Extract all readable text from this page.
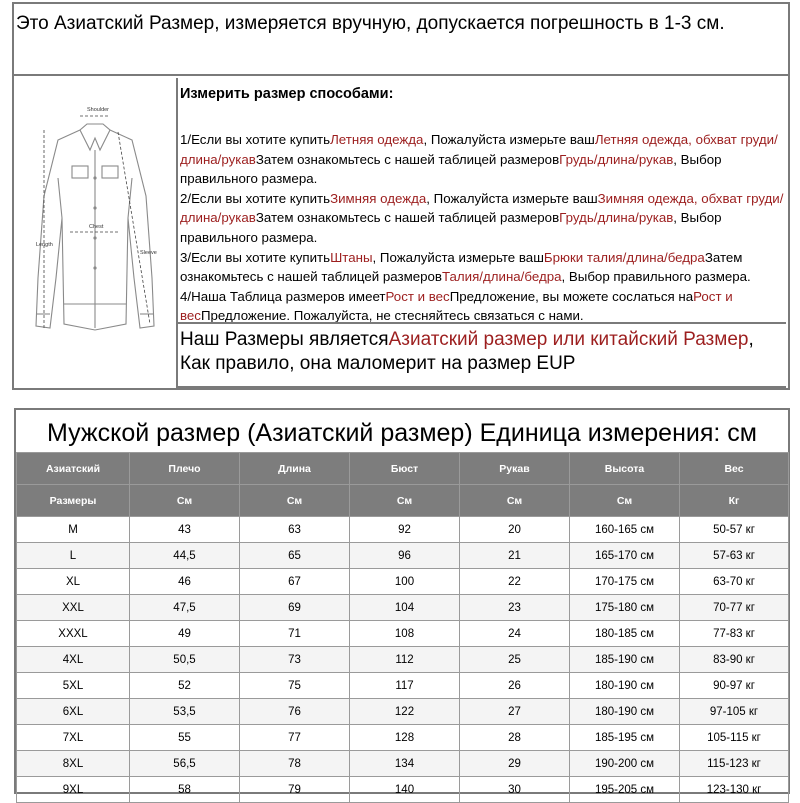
Это Азиатский Размер, измеряется вручную, допускается погрешность в 1-3 см.
Shoulder
Length
Chest
Sleeve
Измерить размер способами:

1/Если вы хотите купитьЛетняя одежда, Пожалуйста измерьте вашЛетняя одежда, обхват груди/длина/рукавЗатем ознакомьтесь с нашей таблицей размеровГрудь/длина/рукав, Выбор правильного размера.

2/Если вы хотите купитьЗимняя одежда, Пожалуйста измерьте вашЗимняя одежда, обхват груди/длина/рукавЗатем ознакомьтесь с нашей таблицей размеровГрудь/длина/рукав, Выбор правильного размера.

3/Если вы хотите купитьШтаны, Пожалуйста измерьте вашБрюки талия/длина/бедраЗатем ознакомьтесь с нашей таблицей размеровТалия/длина/бедра, Выбор правильного размера.

4/Наша Таблица размеров имеетРост и весПредложение, вы можете сослаться наРост и весПредложение. Пожалуйста, не стесняйтесь связаться с нами.

Наш Размеры являетсяАзиатский размер или китайский Размер, Как правило, она маломерит на размер EUP
Мужской размер (Азиатский размер) Единица измерения: см
Азиатский	Плечо	Длина	Бюст	Рукав	Высота	Вес
Размеры	См	См	См	См	См	Кг
M	43	63	92	20	160-165 см	50-57 кг
L	44,5	65	96	21	165-170 см	57-63 кг
XL	46	67	100	22	170-175 см	63-70 кг
XXL	47,5	69	104	23	175-180 см	70-77 кг
XXXL	49	71	108	24	180-185 см	77-83 кг
4XL	50,5	73	112	25	185-190 см	83-90 кг
5XL	52	75	117	26	180-190 см	90-97 кг
6XL	53,5	76	122	27	180-190 см	97-105 кг
7XL	55	77	128	28	185-195 см	105-115 кг
8XL	56,5	78	134	29	190-200 см	115-123 кг
9XL	58	79	140	30	195-205 см	123-130 кг
